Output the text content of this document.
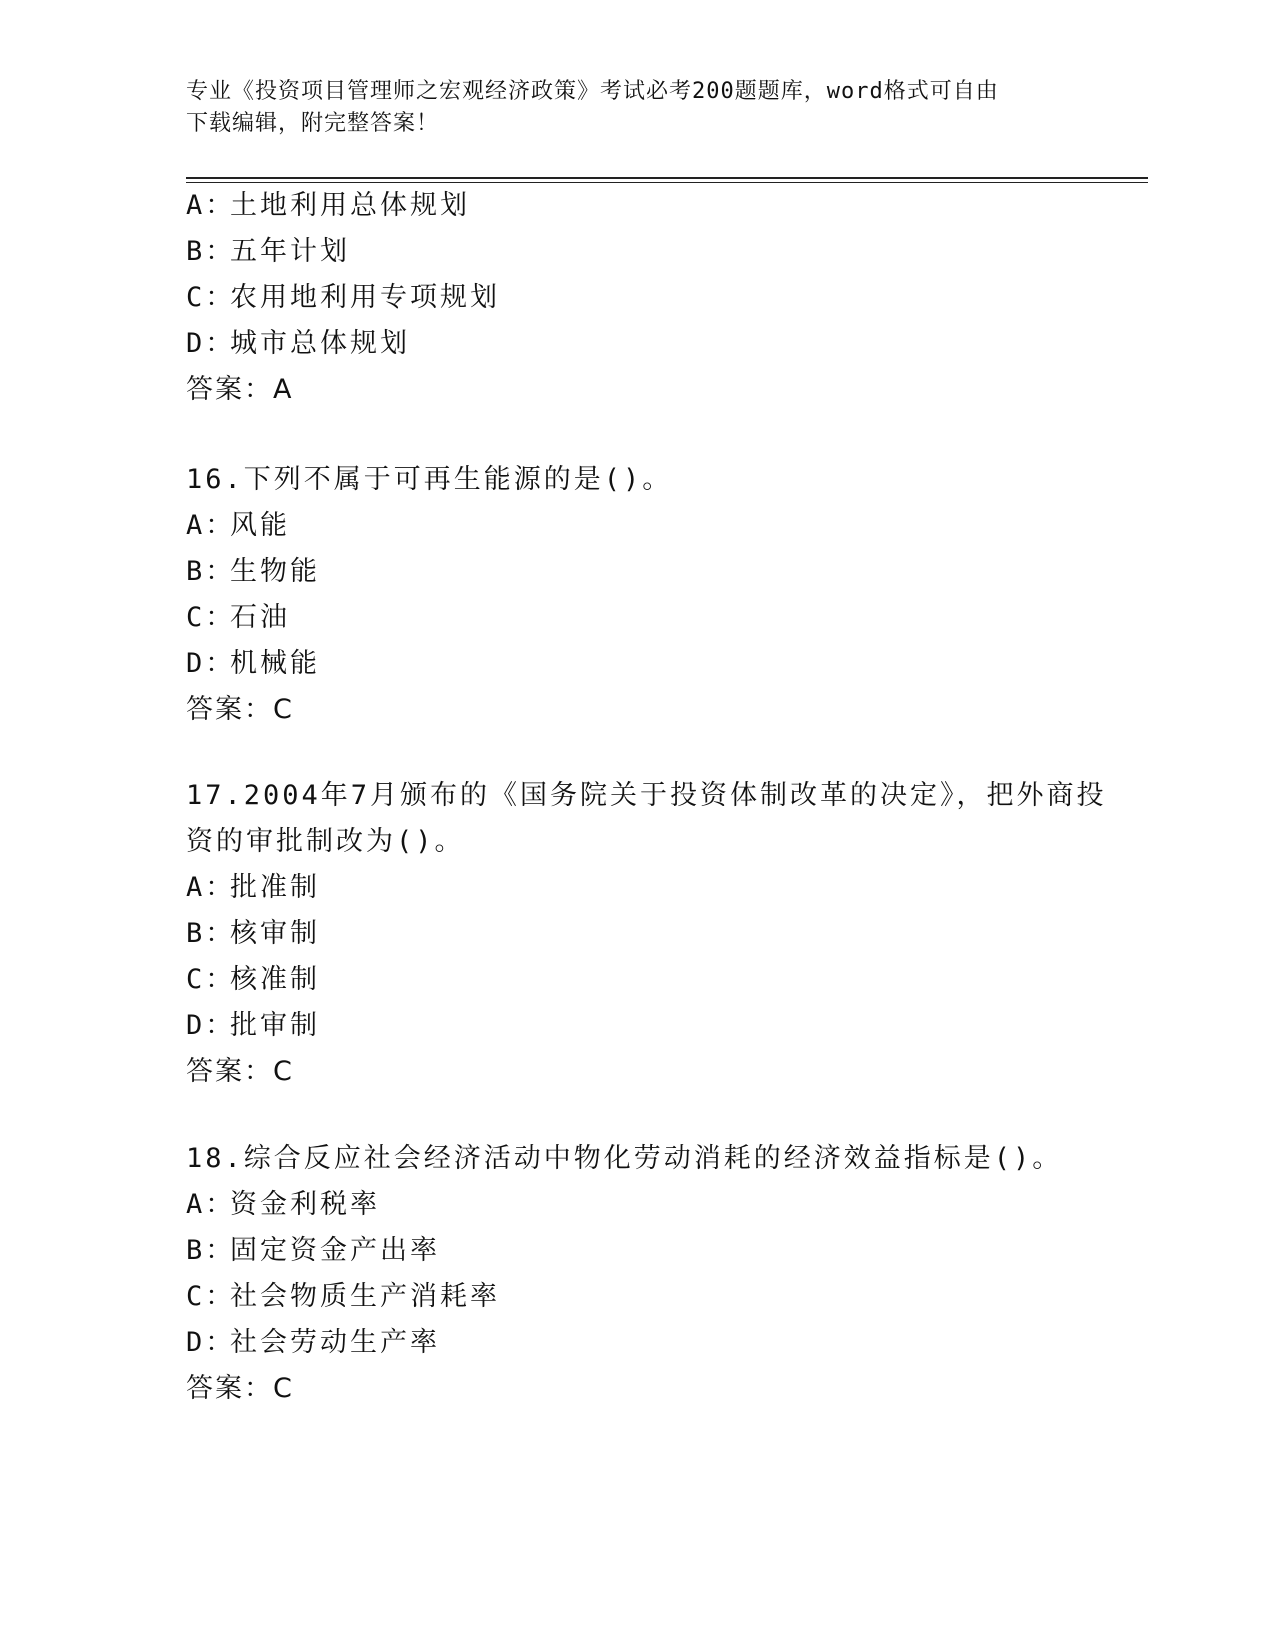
专业《投资项目管理师之宏观经济政策》考试必考200题题库，word格式可自由
下载编辑，附完整答案！
A：土地利用总体规划
B：五年计划
C：农用地利用专项规划
D：城市总体规划
答案：A
16.下列不属于可再生能源的是()。
A：风能
B：生物能
C：石油
D：机械能
答案：C
17.2004年7月颁布的《国务院关于投资体制改革的决定》，把外商投
资的审批制改为()。
A：批准制
B：核审制
C：核准制
D：批审制
答案：C
18.综合反应社会经济活动中物化劳动消耗的经济效益指标是()。
A：资金利税率
B：固定资金产出率
C：社会物质生产消耗率
D：社会劳动生产率
答案：C
